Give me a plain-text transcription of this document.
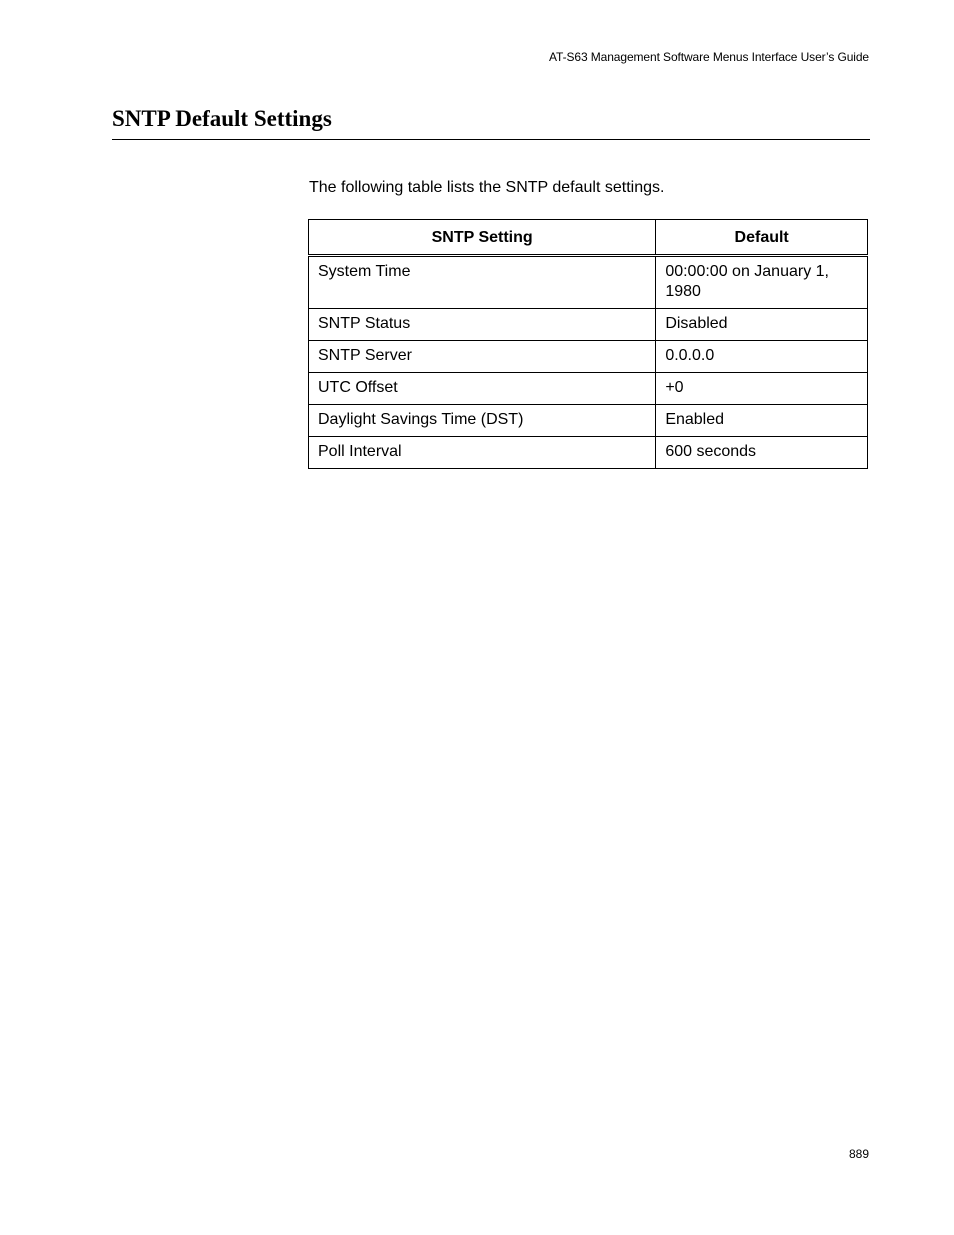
AT-S63 Management Software Menus Interface User’s Guide
SNTP Default Settings

The following table lists the SNTP default settings.

SNTP Setting	Default
System Time	00:00:00 on January 1, 1980
SNTP Status	Disabled
SNTP Server	0.0.0.0
UTC Offset	+0
Daylight Savings Time (DST)	Enabled
Poll Interval	600 seconds
889
